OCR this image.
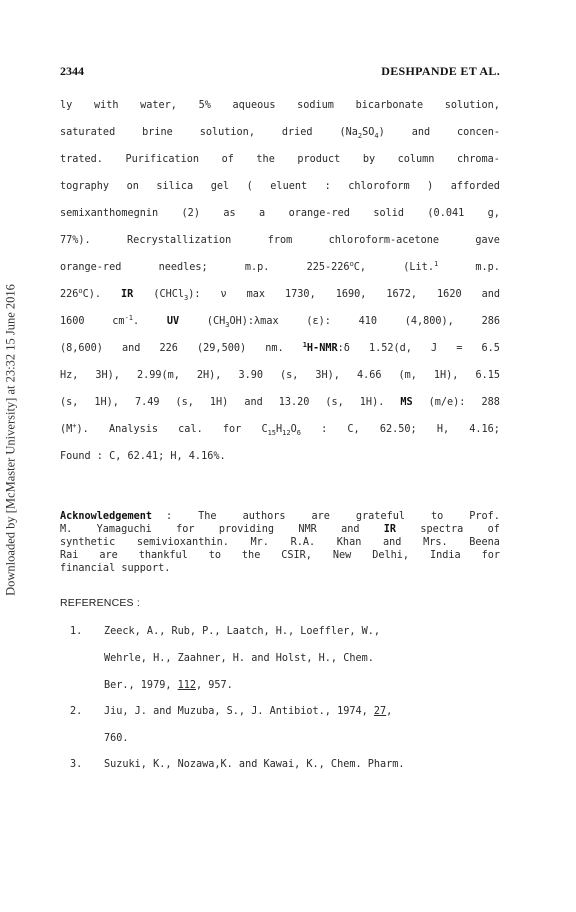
Downloaded by [McMaster University] at 23:32 15 June 2016
2344	DESHPANDE ET AL.
ly with water, 5% aqueous sodium bicarbonate solution,
saturated	brine	solution,	dried	$(Na_2SO_4)$	and	concen-
trated. Purification of the product by column chroma-
tography on silica gel ( eluent : chloroform ) afforded
semixanthomegnin (2) as a orange-red solid (0.041 g,
77%).	Recrystallization	from	chloroform-acetone	gave
orange-red	needles;	m.p.	225-226$^o$C,	(Lit.$^1$	m.p.
226$^o$C). IR (CHCl$_3$): ν max 1730, 1690, 1672, 1620 and
1600	$cm^{-1}$.	UV	$(CH_3OH):\lambda\max$	(ε):	410	(4,800),	286
(8,600) and 226 (29,500) nm.	$^1$H-NMR:δ 1.52(d, J = 6.5
Hz, 3H), 2.99(m, 2H), 3.90 (s, 3H), 4.66 (m, 1H), 6.15
(s, 1H), 7.49 (s, 1H) and 13.20 (s, 1H). MS (m/e): 288
(M+). Analysis cal. for $C_{15}H_{12}O_6$ : C, 62.50; H, 4.16;
Found : C, 62.41; H, 4.16%.
Acknowledgement :	The	authors	are	grateful	to	Prof.
M. Yamaguchi for providing NMR and IR spectra of
synthetic semivioxanthin. Mr. R.A. Khan and Mrs. Beena
Rai are thankful to the CSIR, New Delhi, India for
financial support.
REFERENCES :
1.	Zeeck, A., Rub, P., Laatch, H., Loeffler, W.,
Wehrle, H., Zaahner, H. and Holst, H., Chem.
Ber., 1979, 112, 957.
2.	Jiu, J. and Muzuba, S., J. Antibiot., 1974, 27,
760.
3.	Suzuki, K., Nozawa,K. and Kawai, K., Chem. Pharm.
